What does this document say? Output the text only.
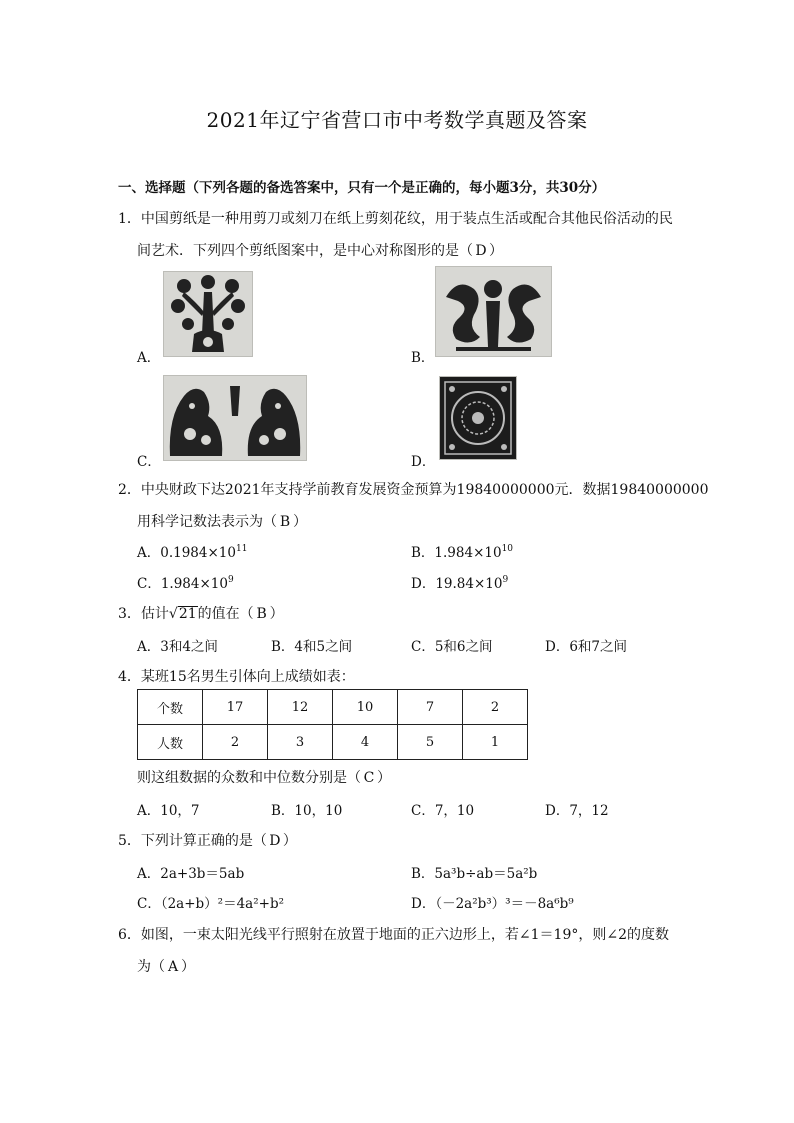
2021年辽宁省营口市中考数学真题及答案
一、选择题（下列各题的备选答案中，只有一个是正确的，每小题3分，共30分）
1．中国剪纸是一种用剪刀或刻刀在纸上剪刻花纹，用于装点生活或配合其他民俗活动的民
间艺术．下列四个剪纸图案中，是中心对称图形的是（ D ）
A．	B．
C．	D．
2．中央财政下达2021年支持学前教育发展资金预算为19840000000元．数据19840000000
用科学记数法表示为（ B ）
A．$0.1984\times 10^{11}$	B．$1.984\times 10^{10}$
C．$1.984\times 10^9$	D．$19.84\times 10^9$
3．估计√21的值在（ B ）
A．3和4之间	B．4和5之间	C．5和6之间	D．6和7之间
4．某班15名男生引体向上成绩如表：
个数	17	12	10	7	2
人数	2	3	4	5	1
则这组数据的众数和中位数分别是（ C ）
A．10，7	B．10，10	C．7，10	D．7，12
5．下列计算正确的是（ D ）
A．2a+3b＝5ab	B．5a³b÷ab＝5a²b
C．（2a+b）²＝4a²+b²	D．（－2a²b³）³＝－8a⁶b⁹
6．如图，一束太阳光线平行照射在放置于地面的正六边形上，若∠1＝19°，则∠2的度数
为（ A ）
